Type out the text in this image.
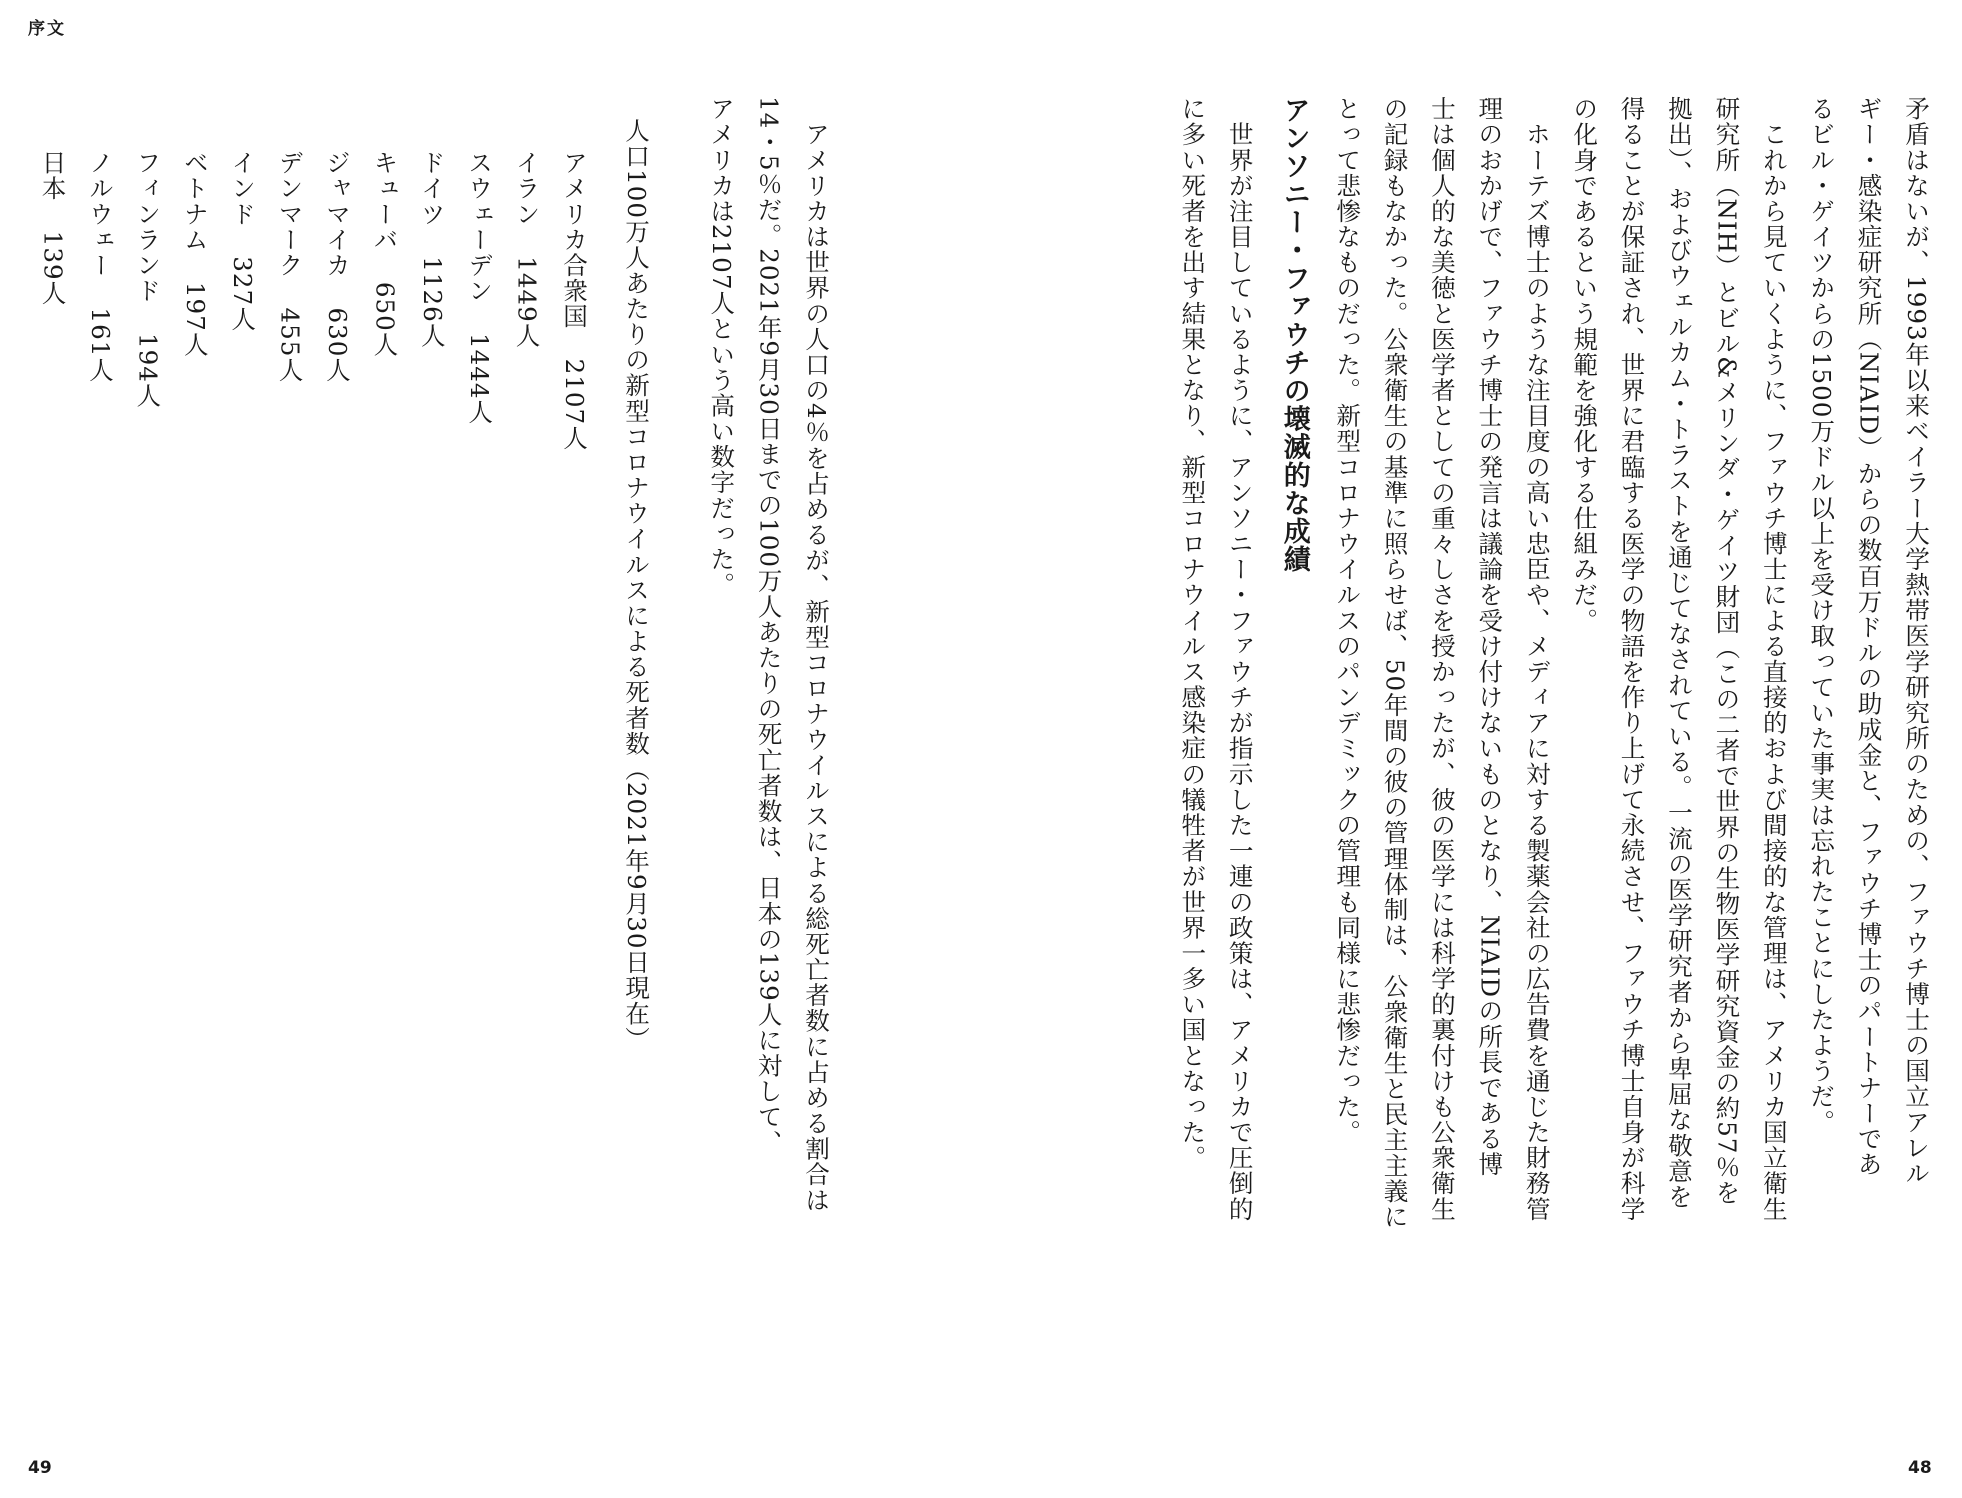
序文

矛盾はないが、1993年以来ベイラー大学熱帯医学研究所のための、ファウチ博士の国立アレル

ギー・感染症研究所（NIAID）からの数百万ドルの助成金と、ファウチ博士のパートナーであ

るビル・ゲイツからの1500万ドル以上を受け取っていた事実は忘れたことにしたようだ。

　これから見ていくように、ファウチ博士による直接的および間接的な管理は、アメリカ国立衛生

研究所（NIH）とビル&メリンダ・ゲイツ財団（この二者で世界の生物医学研究資金の約57％を

拠出）、およびウェルカム・トラストを通じてなされている。一流の医学研究者から卑屈な敬意を

得ることが保証され、世界に君臨する医学の物語を作り上げて永続させ、ファウチ博士自身が科学

の化身であるという規範を強化する仕組みだ。

　ホーテズ博士のような注目度の高い忠臣や、メディアに対する製薬会社の広告費を通じた財務管

理のおかげで、ファウチ博士の発言は議論を受け付けないものとなり、NIAIDの所長である博

士は個人的な美徳と医学者としての重々しさを授かったが、彼の医学には科学的裏付けも公衆衛生

の記録もなかった。公衆衛生の基準に照らせば、50年間の彼の管理体制は、公衆衛生と民主主義に

とって悲惨なものだった。新型コロナウイルスのパンデミックの管理も同様に悲惨だった。

アンソニー・ファウチの壊滅的な成績

　世界が注目しているように、アンソニー・ファウチが指示した一連の政策は、アメリカで圧倒的

に多い死者を出す結果となり、新型コロナウイルス感染症の犠牲者が世界一多い国となった。

　アメリカは世界の人口の4％を占めるが、新型コロナウイルスによる総死亡者数に占める割合は

14・5％だ。2021年9月30日までの100万人あたりの死亡者数は、日本の139人に対して、

アメリカは2107人という高い数字だった。

人口100万人あたりの新型コロナウイルスによる死者数（2021年9月30日現在）

アメリカ合衆国2107人

イラン1449人

スウェーデン1444人

ドイツ1126人

キューバ650人

ジャマイカ630人

デンマーク455人

インド327人

ベトナム197人

フィンランド194人

ノルウェー161人

日本139人

49	48
